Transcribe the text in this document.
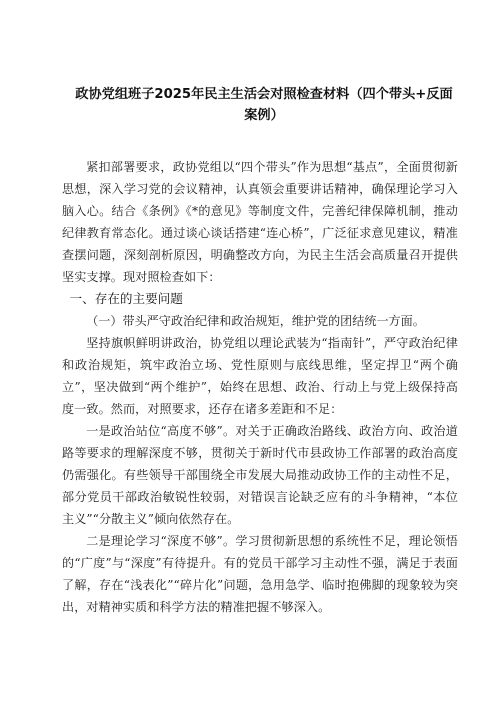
政协党组班子2025年民主生活会对照检查材料（四个带头+反面案例）

紧扣部署要求，政协党组以“四个带头”作为思想“基点”，全面贯彻新思想，深入学习党的会议精神，认真领会重要讲话精神，确保理论学习入脑入心。结合《条例》《*的意见》等制度文件，完善纪律保障机制，推动纪律教育常态化。通过谈心谈话搭建“连心桥”，广泛征求意见建议，精准查摆问题，深刻剖析原因，明确整改方向，为民主生活会高质量召开提供坚实支撑。现对照检查如下：

一、存在的主要问题

（一）带头严守政治纪律和政治规矩，维护党的团结统一方面。

坚持旗帜鲜明讲政治，协党组以理论武装为“指南针”，严守政治纪律和政治规矩，筑牢政治立场、党性原则与底线思维，坚定捍卫“两个确立”，坚决做到“两个维护”，始终在思想、政治、行动上与党上级保持高度一致。然而，对照要求，还存在诸多差距和不足：

一是政治站位“高度不够”。对关于正确政治路线、政治方向、政治道路等要求的理解深度不够，贯彻关于新时代市县政协工作部署的政治高度仍需强化。有些领导干部围绕全市发展大局推动政协工作的主动性不足，部分党员干部政治敏锐性较弱，对错误言论缺乏应有的斗争精神，“本位主义”“分散主义”倾向依然存在。

二是理论学习“深度不够”。学习贯彻新思想的系统性不足，理论领悟的“广度”与“深度”有待提升。有的党员干部学习主动性不强，满足于表面了解，存在“浅表化”“碎片化”问题，急用急学、临时抱佛脚的现象较为突出，对精神实质和科学方法的精准把握不够深入。
